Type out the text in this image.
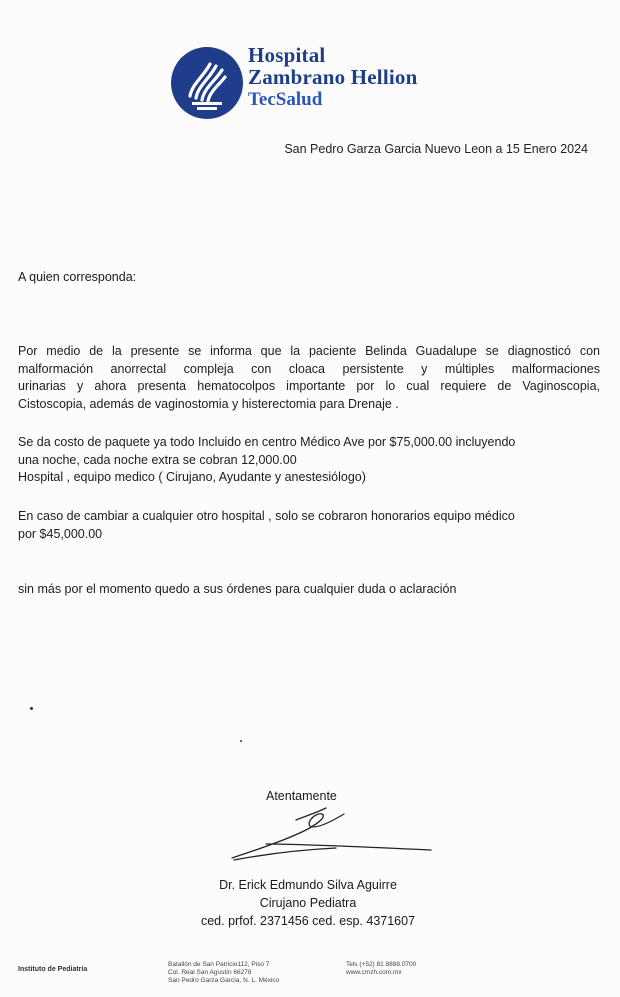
Hospital
Zambrano Hellion
TecSalud
San Pedro Garza Garcia Nuevo Leon a 15 Enero 2024
A quien corresponda:
Por medio de la presente se informa que la paciente Belinda Guadalupe se diagnosticó con
malformación anorrectal compleja con cloaca persistente y múltiples malformaciones
urinarias y ahora presenta hematocolpos importante por lo cual requiere de Vaginoscopia,
Cistoscopia, además de vaginostomia y histerectomia para Drenaje .
Se da costo de paquete ya todo Incluido en centro Médico Ave por $75,000.00 incluyendo
una noche, cada noche extra se cobran 12,000.00
Hospital , equipo medico ( Cirujano, Ayudante y anestesiólogo)
En caso de cambiar a cualquier otro hospital , solo se cobraron honorarios equipo médico
por $45,000.00
sin más por el momento quedo a sus órdenes para cualquier duda o aclaración
Atentamente
Dr. Erick Edmundo Silva Aguirre
Cirujano Pediatra
ced. prfof. 2371456 ced. esp. 4371607
Instituto de Pediatría
Batallón de San Patricio112, Piso 7
Col. Real San Agustín 66278
San Pedro Garza García, N. L. México
Tels (+52) 81 8888.0700
www.cmzh.com.mx
